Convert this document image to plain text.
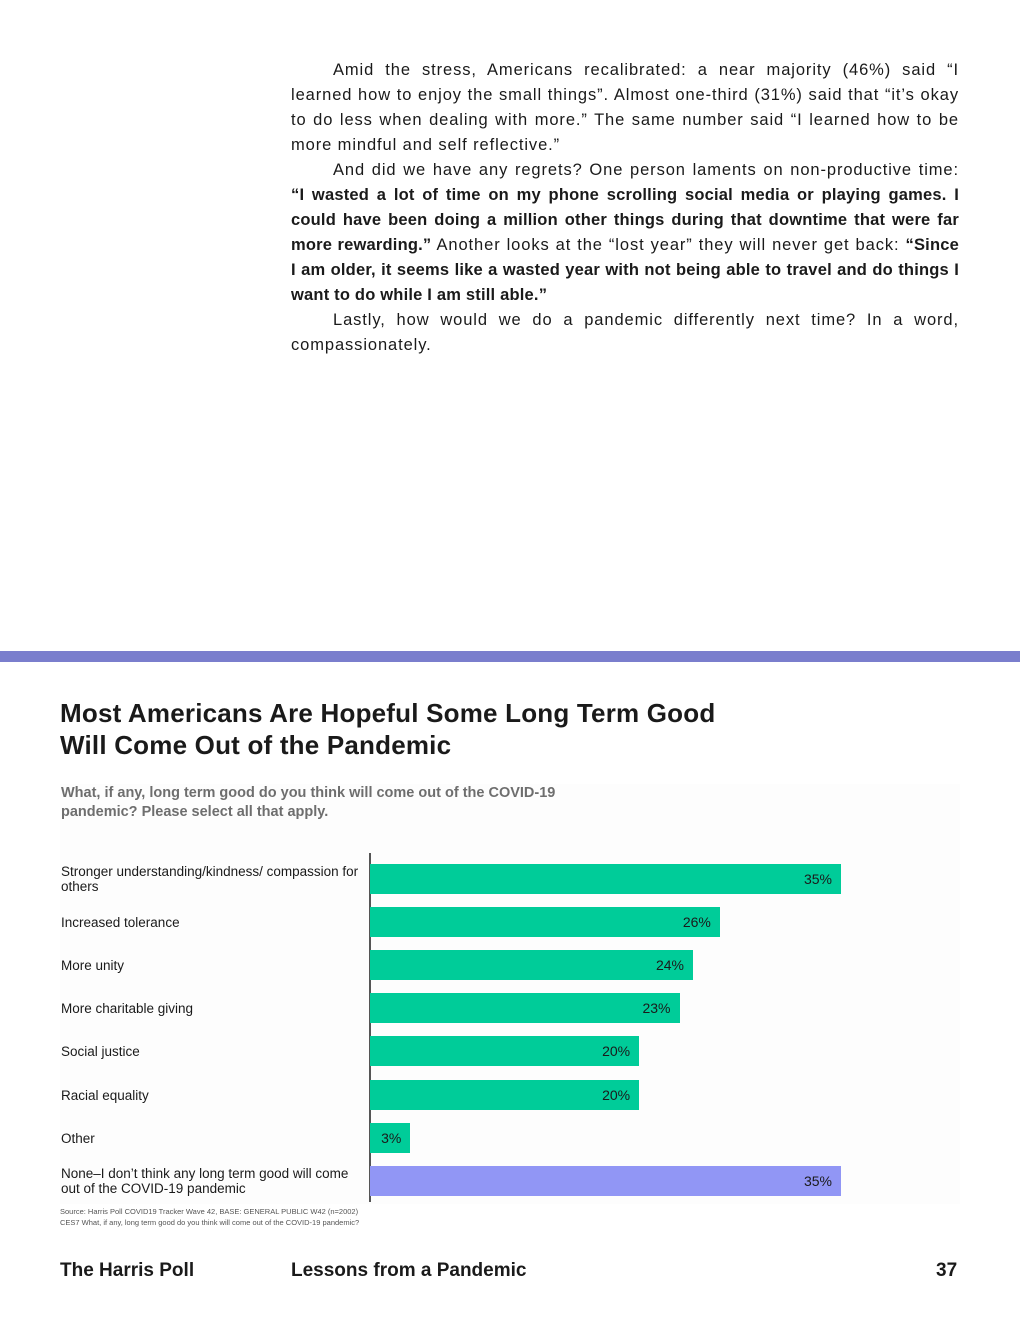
Amid the stress, Americans recalibrated: a near majority (46%) said “I learned how to enjoy the small things”. Almost one-third (31%) said that “it’s okay to do less when dealing with more.” The same number said “I learned how to be more mindful and self reflective.”

And did we have any regrets? One person laments on non-productive time: “I wasted a lot of time on my phone scrolling social media or playing games. I could have been doing a million other things during that downtime that were far more rewarding.” Another looks at the “lost year” they will never get back: “Since I am older, it seems like a wasted year with not being able to travel and do things I want to do while I am still able.”

Lastly, how would we do a pandemic differently next time? In a word, compassionately.

Most Americans Are Hopeful Some Long Term Good Will Come Out of the Pandemic
What, if any, long term good do you think will come out of the COVID-19 pandemic? Please select all that apply.
Stronger understanding/kindness/ compassion for others	35%
Increased tolerance	26%
More unity	24%
More charitable giving	23%
Social justice	20%
Racial equality	20%
Other	3%
None–I don’t think any long term good will come out of the COVID-19 pandemic	35%
Source: Harris Poll COVID19 Tracker Wave 42, BASE: GENERAL PUBLIC W42 (n=2002)
CES7 What, if any, long term good do you think will come out of the COVID-19 pandemic?
The Harris Poll	Lessons from a Pandemic	37
